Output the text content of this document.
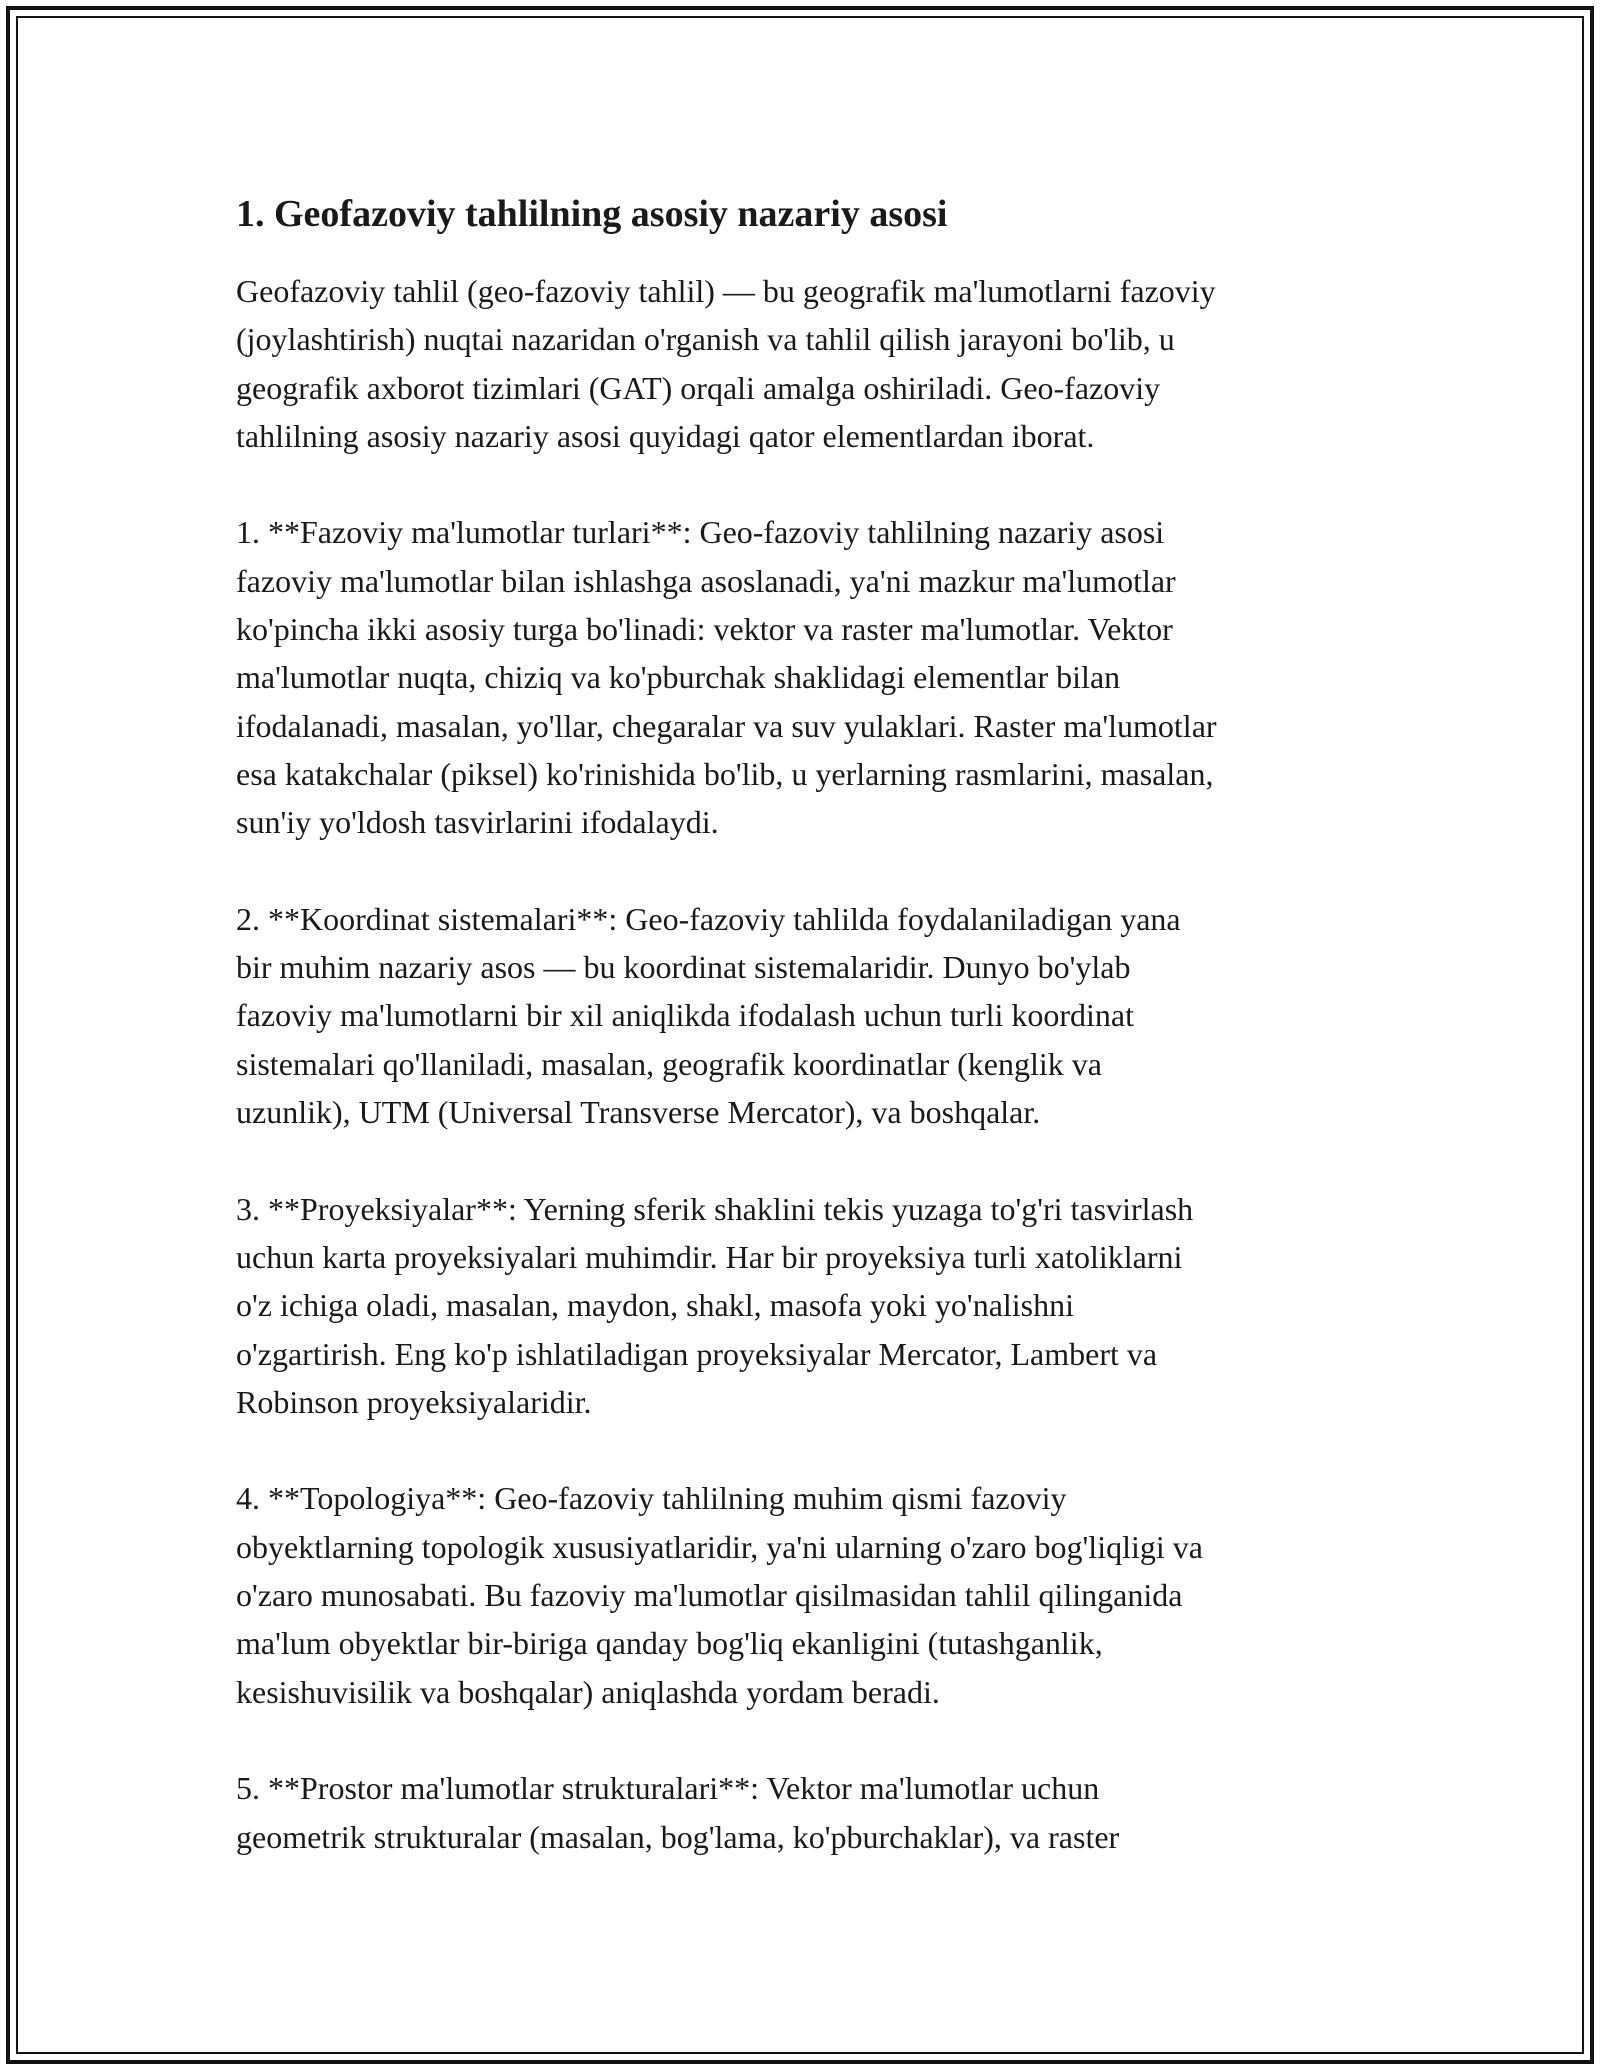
1. Geofazoviy tahlilning asosiy nazariy asosi

Geofazoviy tahlil (geo-fazoviy tahlil) — bu geografik ma'lumotlarni fazoviy
(joylashtirish) nuqtai nazaridan o'rganish va tahlil qilish jarayoni bo'lib, u
geografik axborot tizimlari (GAT) orqali amalga oshiriladi. Geo-fazoviy
tahlilning asosiy nazariy asosi quyidagi qator elementlardan iborat.

1. **Fazoviy ma'lumotlar turlari**: Geo-fazoviy tahlilning nazariy asosi
fazoviy ma'lumotlar bilan ishlashga asoslanadi, ya'ni mazkur ma'lumotlar
ko'pincha ikki asosiy turga bo'linadi: vektor va raster ma'lumotlar. Vektor
ma'lumotlar nuqta, chiziq va ko'pburchak shaklidagi elementlar bilan
ifodalanadi, masalan, yo'llar, chegaralar va suv yulaklari. Raster ma'lumotlar
esa katakchalar (piksel) ko'rinishida bo'lib, u yerlarning rasmlarini, masalan,
sun'iy yo'ldosh tasvirlarini ifodalaydi.

2. **Koordinat sistemalari**: Geo-fazoviy tahlilda foydalaniladigan yana
bir muhim nazariy asos — bu koordinat sistemalaridir. Dunyo bo'ylab
fazoviy ma'lumotlarni bir xil aniqlikda ifodalash uchun turli koordinat
sistemalari qo'llaniladi, masalan, geografik koordinatlar (kenglik va
uzunlik), UTM (Universal Transverse Mercator), va boshqalar.

3. **Proyeksiyalar**: Yerning sferik shaklini tekis yuzaga to'g'ri tasvirlash
uchun karta proyeksiyalari muhimdir. Har bir proyeksiya turli xatoliklarni
o'z ichiga oladi, masalan, maydon, shakl, masofa yoki yo'nalishni
o'zgartirish. Eng ko'p ishlatiladigan proyeksiyalar Mercator, Lambert va
Robinson proyeksiyalaridir.

4. **Topologiya**: Geo-fazoviy tahlilning muhim qismi fazoviy
obyektlarning topologik xususiyatlaridir, ya'ni ularning o'zaro bog'liqligi va
o'zaro munosabati. Bu fazoviy ma'lumotlar qisilmasidan tahlil qilinganida
ma'lum obyektlar bir-biriga qanday bog'liq ekanligini (tutashganlik,
kesishuvisilik va boshqalar) aniqlashda yordam beradi.

5. **Prostor ma'lumotlar strukturalari**: Vektor ma'lumotlar uchun
geometrik strukturalar (masalan, bog'lama, ko'pburchaklar), va raster
